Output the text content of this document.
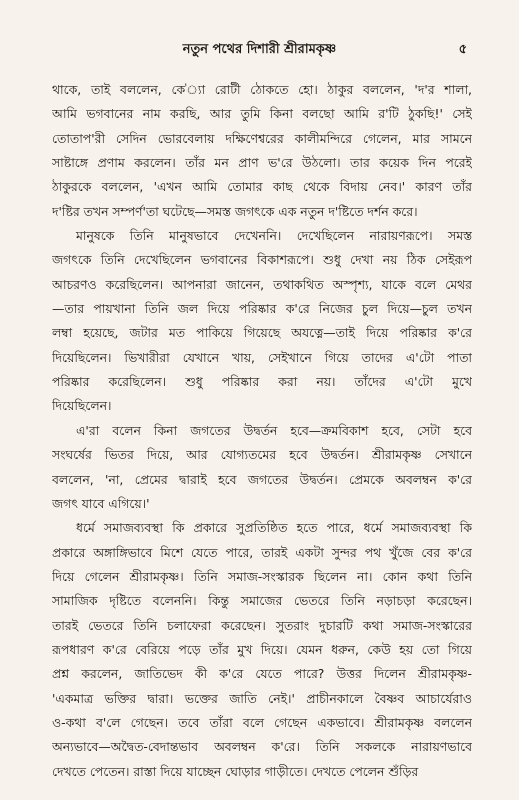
নতুন পথের দিশারী শ্রীরামকৃষ্ণ	৫
থাকে, তাই বললেন, কে'্যা রোটী ঠোকতে হো। ঠাকুর বললেন, 'দ'র শালা,
আমি ভগবানের নাম করছি, আর তুমি কিনা বলছো আমি র'টি ঠুকছি!' সেই
তোতাপ'রী সেদিন ভোরবেলায় দক্ষিণেশ্বরের কালীমন্দিরে গেলেন, মার সামনে
সাষ্টাঙ্গে প্রণাম করলেন। তাঁর মন প্রাণ ভ'রে উঠলো। তার কয়েক দিন পরেই
ঠাকুরকে বললেন, 'এখন আমি তোমার কাছ থেকে বিদায় নেব।' কারণ তাঁর
দ'ষ্টির তখন সম্পর্ণ'তা ঘটেছে—সমস্ত জগৎকে এক নতুন দ'ষ্টিতে দর্শন করে।
মানুষকে তিনি মানুষভাবে দেখেননি। দেখেছিলেন নারায়ণরূপে। সমস্ত
জগৎকে তিনি দেখেছিলেন ভগবানের বিকাশরূপে। শুধু দেখা নয় ঠিক সেইরূপ
আচরণও করেছিলেন। আপনারা জানেন, তথাকথিত অস্পৃশ্য, যাকে বলে মেথর
—তার পায়খানা তিনি জল দিয়ে পরিষ্কার ক'রে নিজের চুল দিয়ে—চুল তখন
লম্বা হয়েছে, জটার মত পাকিয়ে গিয়েছে অযত্নে—তাই দিয়ে পরিষ্কার ক'রে
দিয়েছিলেন। ভিখারীরা যেখানে খায়, সেইখানে গিয়ে তাদের এ'টো পাতা
পরিষ্কার করেছিলেন। শুধু পরিষ্কার করা নয়। তাঁদের এ'টো মুখে
দিয়েছিলেন।
এ'রা বলেন কিনা জগতের উদ্বর্তন হবে—ক্রমবিকাশ হবে, সেটা হবে
সংঘর্ষের ভিতর দিয়ে, আর যোগ্যতমের হবে উদ্বর্তন। শ্রীরামকৃষ্ণ সেখানে
বললেন, 'না, প্রেমের দ্বারাই হবে জগতের উদ্বর্তন। প্রেমকে অবলম্বন ক'রে
জগৎ যাবে এগিয়ে।'
ধর্মে সমাজব্যবস্থা কি প্রকারে সুপ্রতিষ্ঠিত হতে পারে, ধর্মে সমাজব্যবস্থা কি
প্রকারে অঙ্গাঙ্গিভাবে মিশে যেতে পারে, তারই একটা সুন্দর পথ খুঁজে বের ক'রে
দিয়ে গেলেন শ্রীরামকৃষ্ণ। তিনি সমাজ-সংস্কারক ছিলেন না। কোন কথা তিনি
সামাজিক দৃষ্টিতে বলেননি। কিন্তু সমাজের ভেতরে তিনি নড়াচড়া করেছেন।
তারই ভেতরে তিনি চলাফেরা করেছেন। সুতরাং দুচারটি কথা সমাজ-সংস্কারের
রূপধারণ ক'রে বেরিয়ে পড়ে তাঁর মুখ দিয়ে। যেমন ধরুন, কেউ হয় তো গিয়ে
প্রশ্ন করলেন, জাতিভেদ কী ক'রে যেতে পারে? উত্তর দিলেন শ্রীরামকৃষ্ণ-
'একমাত্র ভক্তির দ্বারা। ভক্তের জাতি নেই।' প্রাচীনকালে বৈষ্ণব আচার্যেরাও
ও-কথা ব'লে গেছেন। তবে তাঁরা বলে গেছেন একভাবে। শ্রীরামকৃষ্ণ বললেন
অন্যভাবে—অদ্বৈত-বেদান্তভাব অবলম্বন ক'রে। তিনি সকলকে নারায়ণভাবে
দেখতে পেতেন। রাস্তা দিয়ে যাচ্ছেন ঘোড়ার গাড়ীতে। দেখতে পেলেন শুঁড়ির
